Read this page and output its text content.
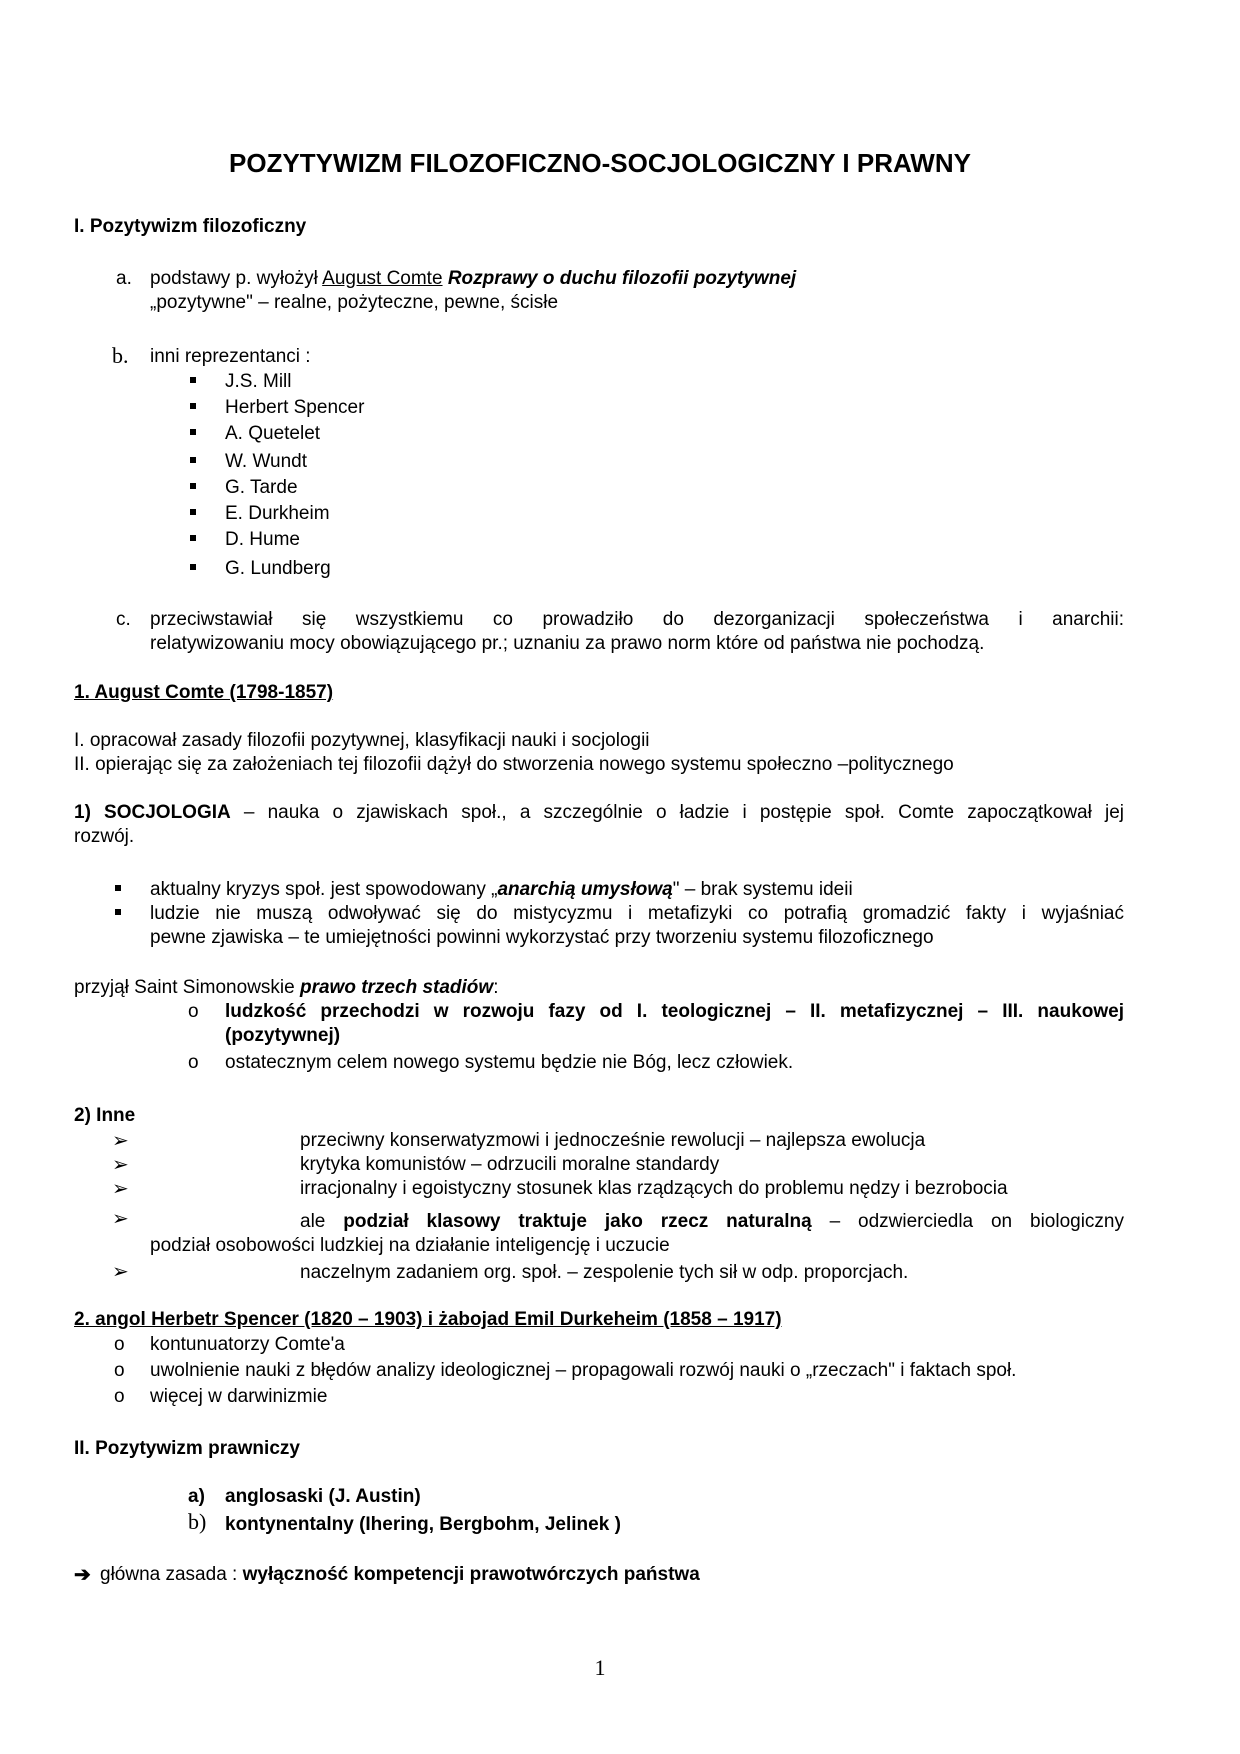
POZYTYWIZM FILOZOFICZNO-SOCJOLOGICZNY I PRAWNY
I. Pozytywizm filozoficzny
a. podstawy p. wyłożył August Comte Rozprawy o duchu filozofii pozytywnej
„pozytywne" – realne, pożyteczne, pewne, ścisłe
b. inni reprezentanci :
J.S. Mill
Herbert Spencer
A. Quetelet
W. Wundt
G. Tarde
E. Durkheim
D. Hume
G. Lundberg
c. przeciwstawiał się wszystkiemu co prowadziło do dezorganizacji społeczeństwa i anarchii:
relatywizowaniu mocy obowiązującego pr.; uznaniu za prawo norm które od państwa nie pochodzą.
1. August Comte (1798-1857)
I. opracował zasady filozofii pozytywnej, klasyfikacji nauki i socjologii
II. opierając się za założeniach tej filozofii dążył do stworzenia nowego systemu społeczno –politycznego
1) SOCJOLOGIA – nauka o zjawiskach społ., a szczególnie o ładzie i postępie społ. Comte zapoczątkował jej
rozwój.
aktualny kryzys społ. jest spowodowany „anarchią umysłową" – brak systemu ideii
ludzie nie muszą odwoływać się do mistycyzmu i metafizyki co potrafią gromadzić fakty i wyjaśniać
pewne zjawiska – te umiejętności powinni wykorzystać przy tworzeniu systemu filozoficznego
przyjął Saint Simonowskie prawo trzech stadiów:
o ludzkość przechodzi w rozwoju fazy od I. teologicznej – II. metafizycznej – III. naukowej
(pozytywnej)
o ostatecznym celem nowego systemu będzie nie Bóg, lecz człowiek.
2) Inne
➢	przeciwny konserwatyzmowi i jednocześnie rewolucji – najlepsza ewolucja
➢	krytyka komunistów – odrzucili moralne standardy
➢	irracjonalny i egoistyczny stosunek klas rządzących do problemu nędzy i bezrobocia
➢	ale podział klasowy traktuje jako rzecz naturalną – odzwierciedla on biologiczny
podział osobowości ludzkiej na działanie inteligencję i uczucie
➢	naczelnym zadaniem org. społ. – zespolenie tych sił w odp. proporcjach.
2. angol Herbetr Spencer (1820 – 1903) i żabojad Emil Durkeheim (1858 – 1917)
o kontunuatorzy Comte'a
o uwolnienie nauki z błędów analizy ideologicznej – propagowali rozwój nauki o „rzeczach" i faktach społ.
o więcej w darwinizmie
II. Pozytywizm prawniczy
a) anglosaski (J. Austin)
b) kontynentalny (Ihering, Bergbohm, Jelinek )
➔ główna zasada : wyłączność kompetencji prawotwórczych państwa
1
